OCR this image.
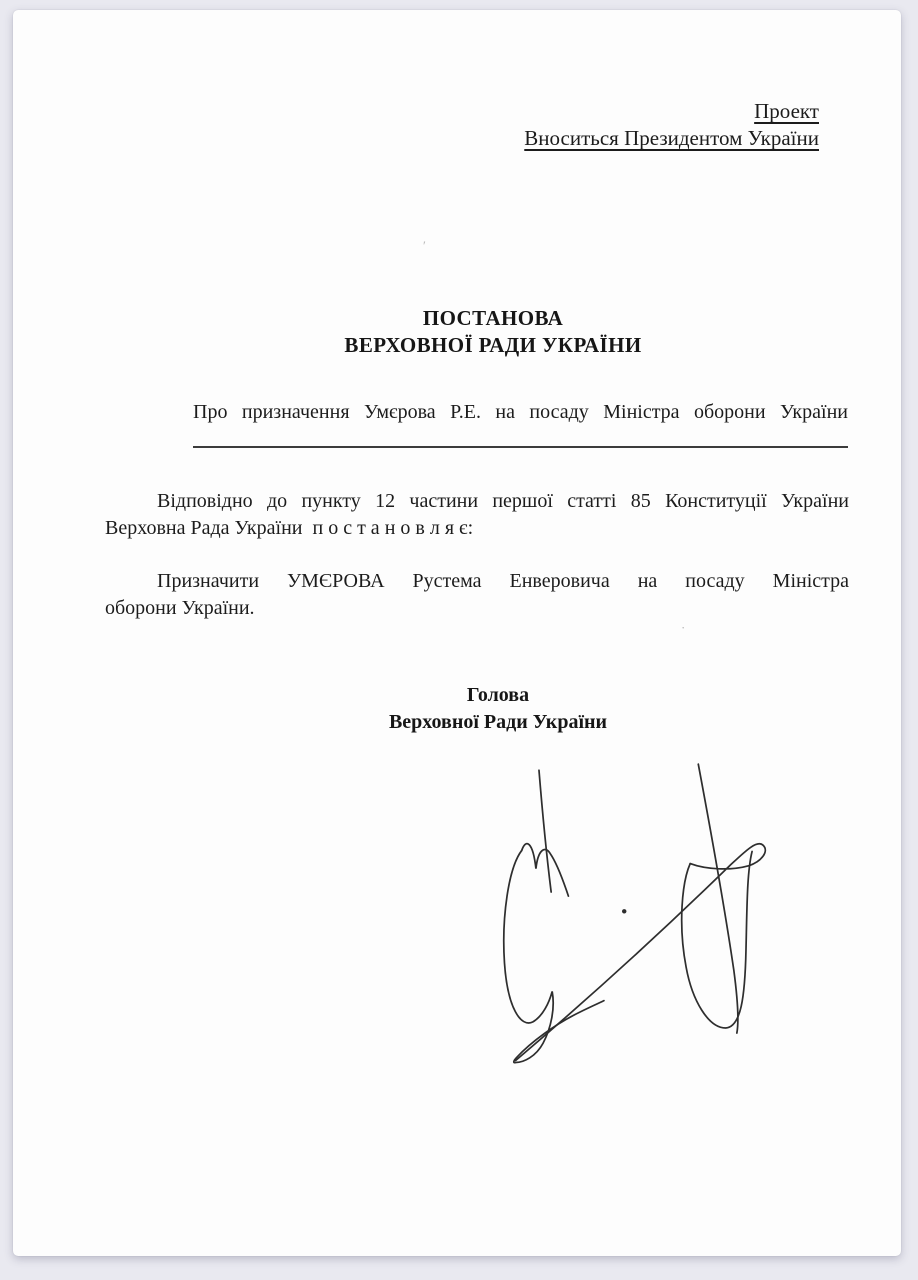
Проект
Вноситься Президентом України
ʹ
ПОСТАНОВА
ВЕРХОВНОЇ РАДИ УКРАЇНИ
Про призначення Умєрова Р.Е. на посаду Міністра оборони України
Відповідно до пункту 12 частини першої статті 85 Конституції України
Верховна Рада України  п о с т а н о в л я є:
Призначити УМЄРОВА Рустема Енверовича на посаду Міністра
оборони України.
·
Голова
Верховної Ради України
